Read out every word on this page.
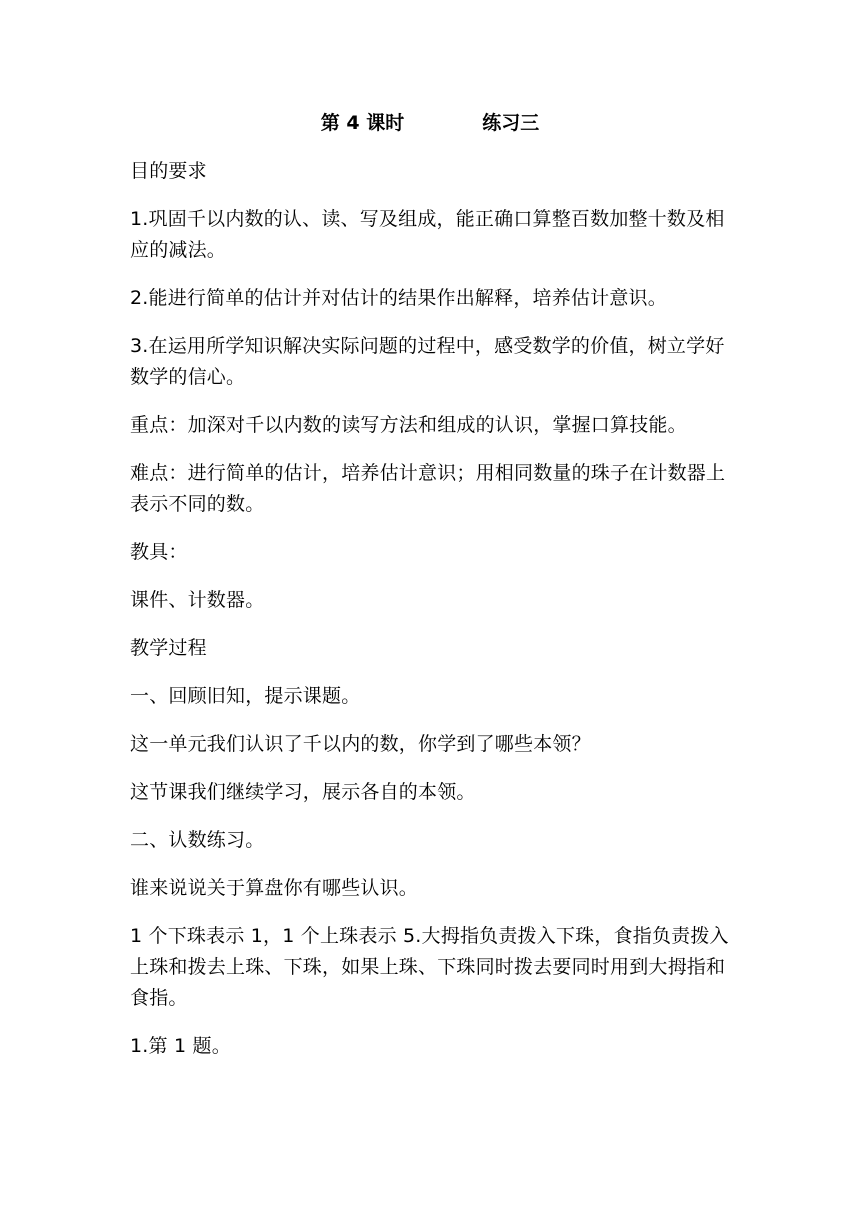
第 4 课时	练习三

目的要求

1.巩固千以内数的认、读、写及组成，能正确口算整百数加整十数及相应的减法。

2.能进行简单的估计并对估计的结果作出解释，培养估计意识。

3.在运用所学知识解决实际问题的过程中，感受数学的价值，树立学好数学的信心。

重点：加深对千以内数的读写方法和组成的认识，掌握口算技能。

难点：进行简单的估计，培养估计意识；用相同数量的珠子在计数器上表示不同的数。

教具：

课件、计数器。

教学过程

一、回顾旧知，提示课题。

这一单元我们认识了千以内的数，你学到了哪些本领？

这节课我们继续学习，展示各自的本领。

二、认数练习。

谁来说说关于算盘你有哪些认识。

1 个下珠表示 1，1 个上珠表示 5.大拇指负责拨入下珠，食指负责拨入上珠和拨去上珠、下珠，如果上珠、下珠同时拨去要同时用到大拇指和食指。

1.第 1 题。
